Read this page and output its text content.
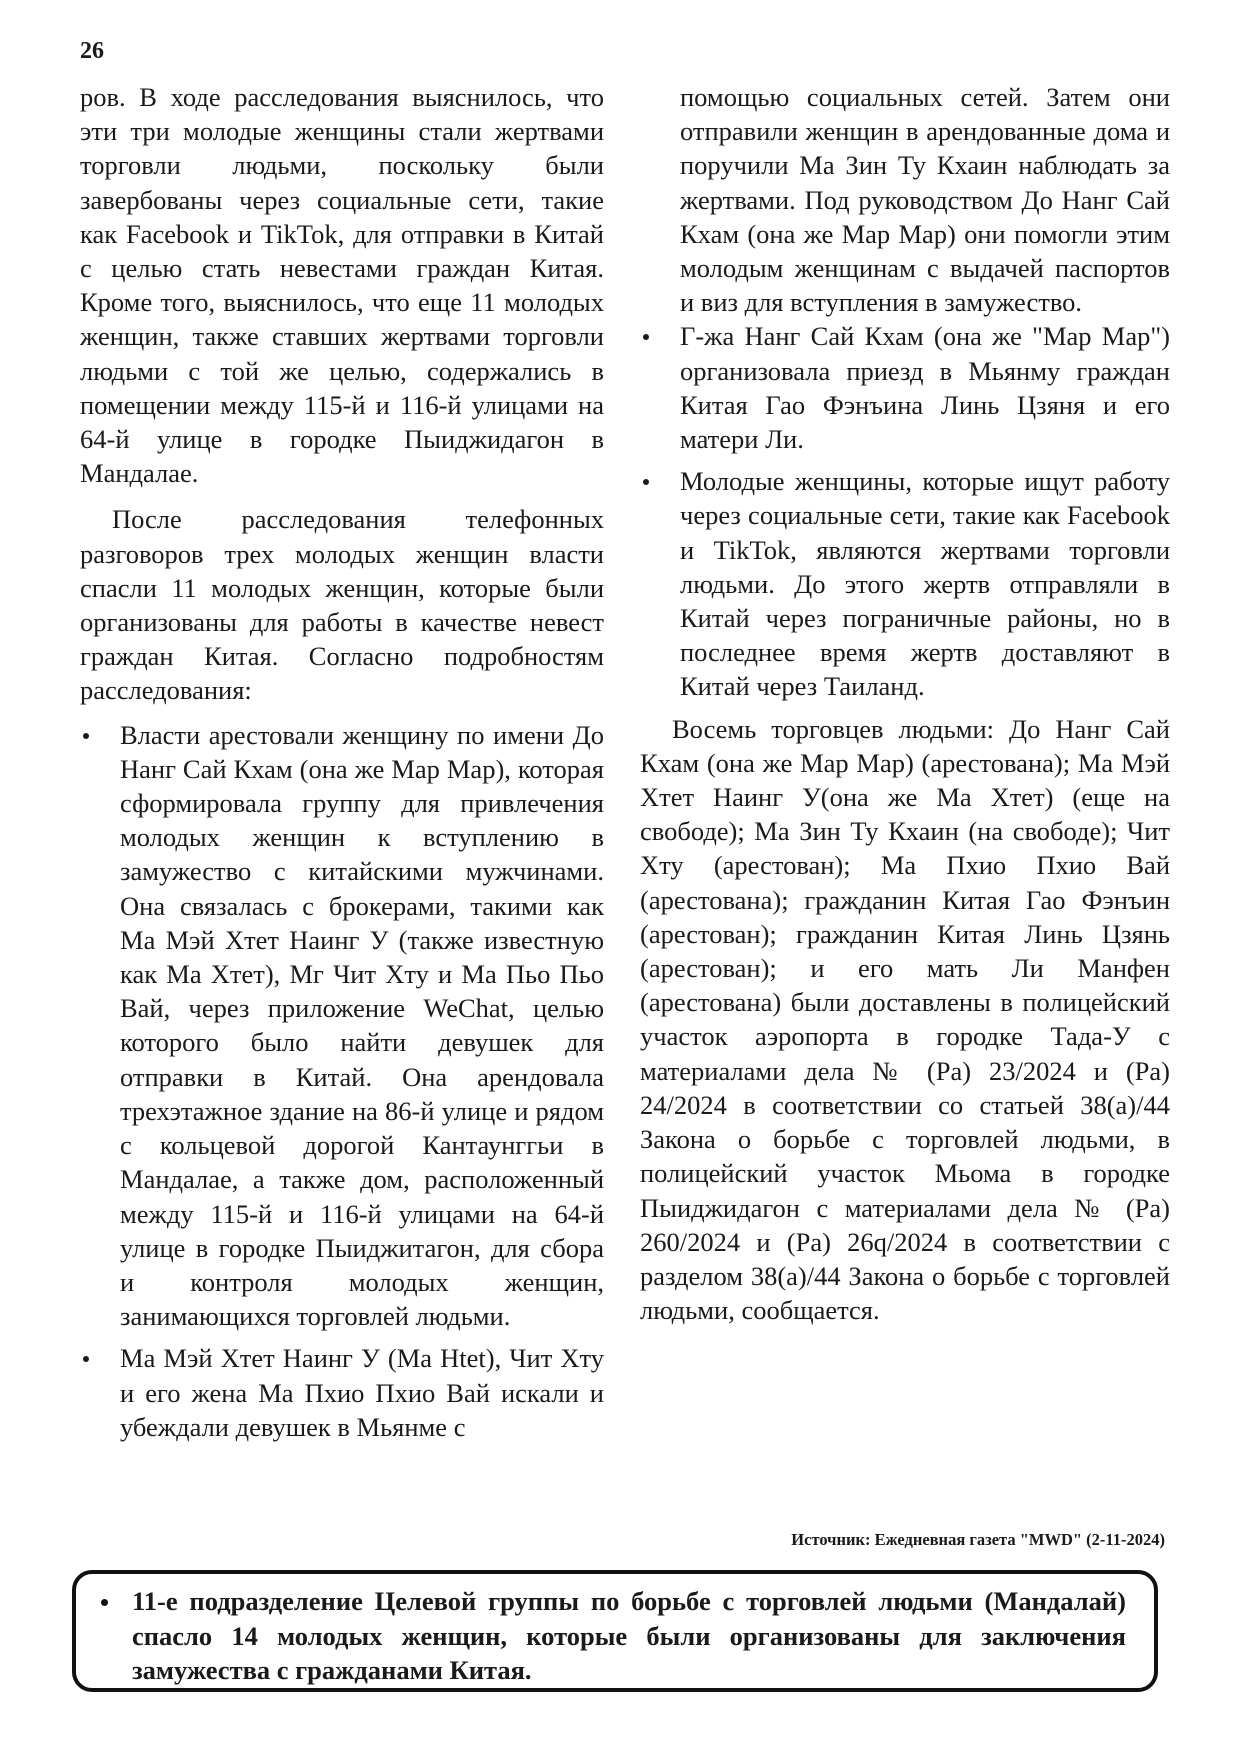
26

ров. В ходе расследования выяснилось, что эти три молодые женщины стали жертвами торговли людьми, поскольку были завербованы через социальные сети, такие как Facebook и TikTok, для отправки в Китай с целью стать невестами граждан Китая. Кроме того, выяснилось, что еще 11 молодых женщин, также ставших жертвами торговли людьми с той же целью, содержались в помещении между 115-й и 116-й улицами на 64-й улице в городке Пыиджидагон в Мандалае.

После расследования телефонных разговоров трех молодых женщин власти спасли 11 молодых женщин, которые были организованы для работы в качестве невест граждан Китая. Согласно подробностям расследования:

Власти арестовали женщину по имени До Нанг Сай Кхам (она же Мар Мар), которая сформировала группу для привлечения молодых женщин к вступлению в замужество с китайскими мужчинами. Она связалась с брокерами, такими как Ма Мэй Хтет Наинг У (также известную как Ма Хтет), Мг Чит Хту и Ма Пьо Пьо Вай, через приложение WeChat, целью которого было найти девушек для отправки в Китай. Она арендовала трехэтажное здание на 86-й улице и рядом с кольцевой дорогой Кантаунггьи в Мандалае, а также дом, расположенный между 115-й и 116-й улицами на 64-й улице в городке Пыиджитагон, для сбора и контроля молодых женщин, занимающихся торговлей людьми.
Ма Мэй Хтет Наинг У (Ма Htet), Чит Хту и его жена Ма Пхио Пхио Вай искали и убеждали девушек в Мьянме с

помощью социальных сетей. Затем они отправили женщин в арендованные дома и поручили Ма Зин Ту Кхаин наблюдать за жертвами. Под руководством До Нанг Сай Кхам (она же Мар Мар) они помогли этим молодым женщинам с выдачей паспортов и виз для вступления в замужество.

Г-жа Нанг Сай Кхам (она же "Мар Мар") организовала приезд в Мьянму граждан Китая Гао Фэнъина Линь Цзяня и его матери Ли.
Молодые женщины, которые ищут работу через социальные сети, такие как Facebook и TikTok, являются жертвами торговли людьми. До этого жертв отправляли в Китай через пограничные районы, но в последнее время жертв доставляют в Китай через Таиланд.

Восемь торговцев людьми: До Нанг Сай Кхам (она же Мар Мар) (арестована); Ма Мэй Хтет Наинг У(она же Ма Хтет) (еще на свободе); Ма Зин Ту Кхаин (на свободе); Чит Хту (арестован); Ма Пхио Пхио Вай (арестована); гражданин Китая Гао Фэнъин (арестован); гражданин Китая Линь Цзянь (арестован); и его мать Ли Манфен (арестована) были доставлены в полицейский участок аэропорта в городке Тада-У с материалами дела № (Ра) 23/2024 и (Ра) 24/2024 в соответствии со статьей 38(а)/44 Закона о борьбе с торговлей людьми, в полицейский участок Мьома в городке Пыиджидагон с материалами дела № (Ра) 260/2024 и (Ра) 26q/2024 в соответствии с разделом 38(а)/44 Закона о борьбе с торговлей людьми, сообщается.

Источник: Ежедневная газета "MWD" (2-11-2024)
11-е подразделение Целевой группы по борьбе с торговлей людьми (Мандалай) спасло 14 молодых женщин, которые были организованы для заключения замужества с гражданами Китая.
